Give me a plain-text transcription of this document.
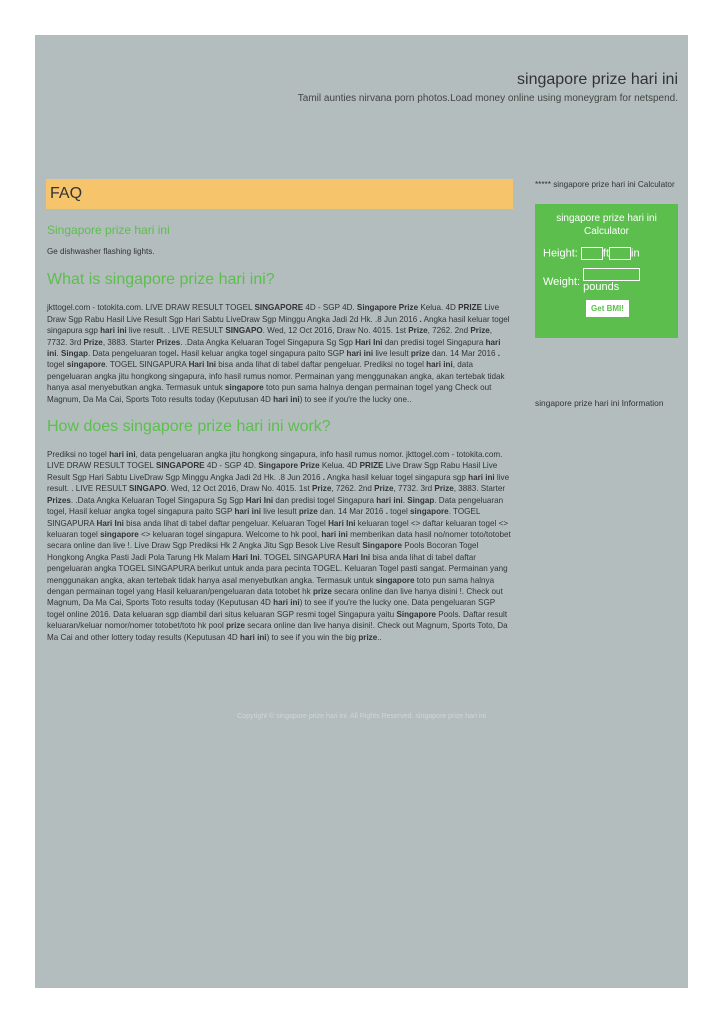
singapore prize hari ini
Tamil aunties nirvana porn photos.Load money online using moneygram for netspend.
FAQ
Singapore prize hari ini

Ge dishwasher flashing lights.

What is singapore prize hari ini?

jkttogel.com - totokita.com. LIVE DRAW RESULT TOGEL SINGAPORE 4D - SGP 4D. Singapore Prize Kelua. 4D PRIZE Live Draw Sgp Rabu Hasil Live Result Sgp Hari Sabtu LiveDraw Sgp Minggu Angka Jadi 2d Hk. .8 Jun 2016 . Angka hasil keluar togel singapura sgp hari ini live result. . LIVE RESULT SINGAPO. Wed, 12 Oct 2016, Draw No. 4015. 1st Prize, 7262. 2nd Prize, 7732. 3rd Prize, 3883. Starter Prizes. .Data Angka Keluaran Togel Singapura Sg Sgp Hari Ini dan predisi togel Singapura hari ini. Singap. Data pengeluaran togel. Hasil keluar angka togel singapura paito SGP hari ini live lesult prize dan. 14 Mar 2016 . togel singapore. TOGEL SINGAPURA Hari Ini bisa anda lihat di tabel daftar pengeluar. Prediksi no togel hari ini, data pengeluaran angka jitu hongkong singapura, info hasil rumus nomor. Permainan yang menggunakan angka, akan tertebak tidak hanya asal menyebutkan angka. Termasuk untuk singapore toto pun sama halnya dengan permainan togel yang Check out Magnum, Da Ma Cai, Sports Toto results today (Keputusan 4D hari ini) to see if you're the lucky one..

How does singapore prize hari ini work?

Prediksi no togel hari ini, data pengeluaran angka jitu hongkong singapura, info hasil rumus nomor. jkttogel.com - totokita.com. LIVE DRAW RESULT TOGEL SINGAPORE 4D - SGP 4D. Singapore Prize Kelua. 4D PRIZE Live Draw Sgp Rabu Hasil Live Result Sgp Hari Sabtu LiveDraw Sgp Minggu Angka Jadi 2d Hk. .8 Jun 2016 . Angka hasil keluar togel singapura sgp hari ini live result. . LIVE RESULT SINGAPO. Wed, 12 Oct 2016, Draw No. 4015. 1st Prize, 7262. 2nd Prize, 7732. 3rd Prize, 3883. Starter Prizes. .Data Angka Keluaran Togel Singapura Sg Sgp Hari Ini dan predisi togel Singapura hari ini. Singap. Data pengeluaran togel, Hasil keluar angka togel singapura paito SGP hari ini live lesult prize dan. 14 Mar 2016 . togel singapore. TOGEL SINGAPURA Hari Ini bisa anda lihat di tabel daftar pengeluar. Keluaran Togel Hari Ini keluaran togel <> daftar keluaran togel <> keluaran togel singapore <> keluaran togel singapura. Welcome to hk pool, hari ini memberikan data hasil no/nomer toto/totobet secara online dan live !. Live Draw Sgp Prediksi Hk 2 Angka Jitu Sgp Besok Live Result Singapore Pools Bocoran Togel Hongkong Angka Pasti Jadi Pola Tarung Hk Malam Hari Ini. TOGEL SINGAPURA Hari Ini bisa anda lihat di tabel daftar pengeluaran angka TOGEL SINGAPURA berikut untuk anda para pecinta TOGEL. Keluaran Togel pasti sangat. Permainan yang menggunakan angka, akan tertebak tidak hanya asal menyebutkan angka. Termasuk untuk singapore toto pun sama halnya dengan permainan togel yang Hasil keluaran/pengeluaran data totobet hk prize secara online dan live hanya disini !. Check out Magnum, Da Ma Cai, Sports Toto results today (Keputusan 4D hari ini) to see if you're the lucky one. Data pengeluaran SGP togel online 2016. Data keluaran sgp diambil dari situs keluaran SGP resmi togel Singapura yaitu Singapore Pools. Daftar result keluaran/keluar nomor/nomer totobet/toto hk pool prize secara online dan live hanya disini!. Check out Magnum, Sports Toto, Da Ma Cai and other lottery today results (Keputusan 4D hari ini) to see if you win the big prize..

***** singapore prize hari ini Calculator
singapore prize hari ini
Calculator
Height: ft in
Weight: pounds
Get BMI!
singapore prize hari ini Information
Copyright © singapore prize hari ini. All Rights Reserved. singapore prize hari ini
